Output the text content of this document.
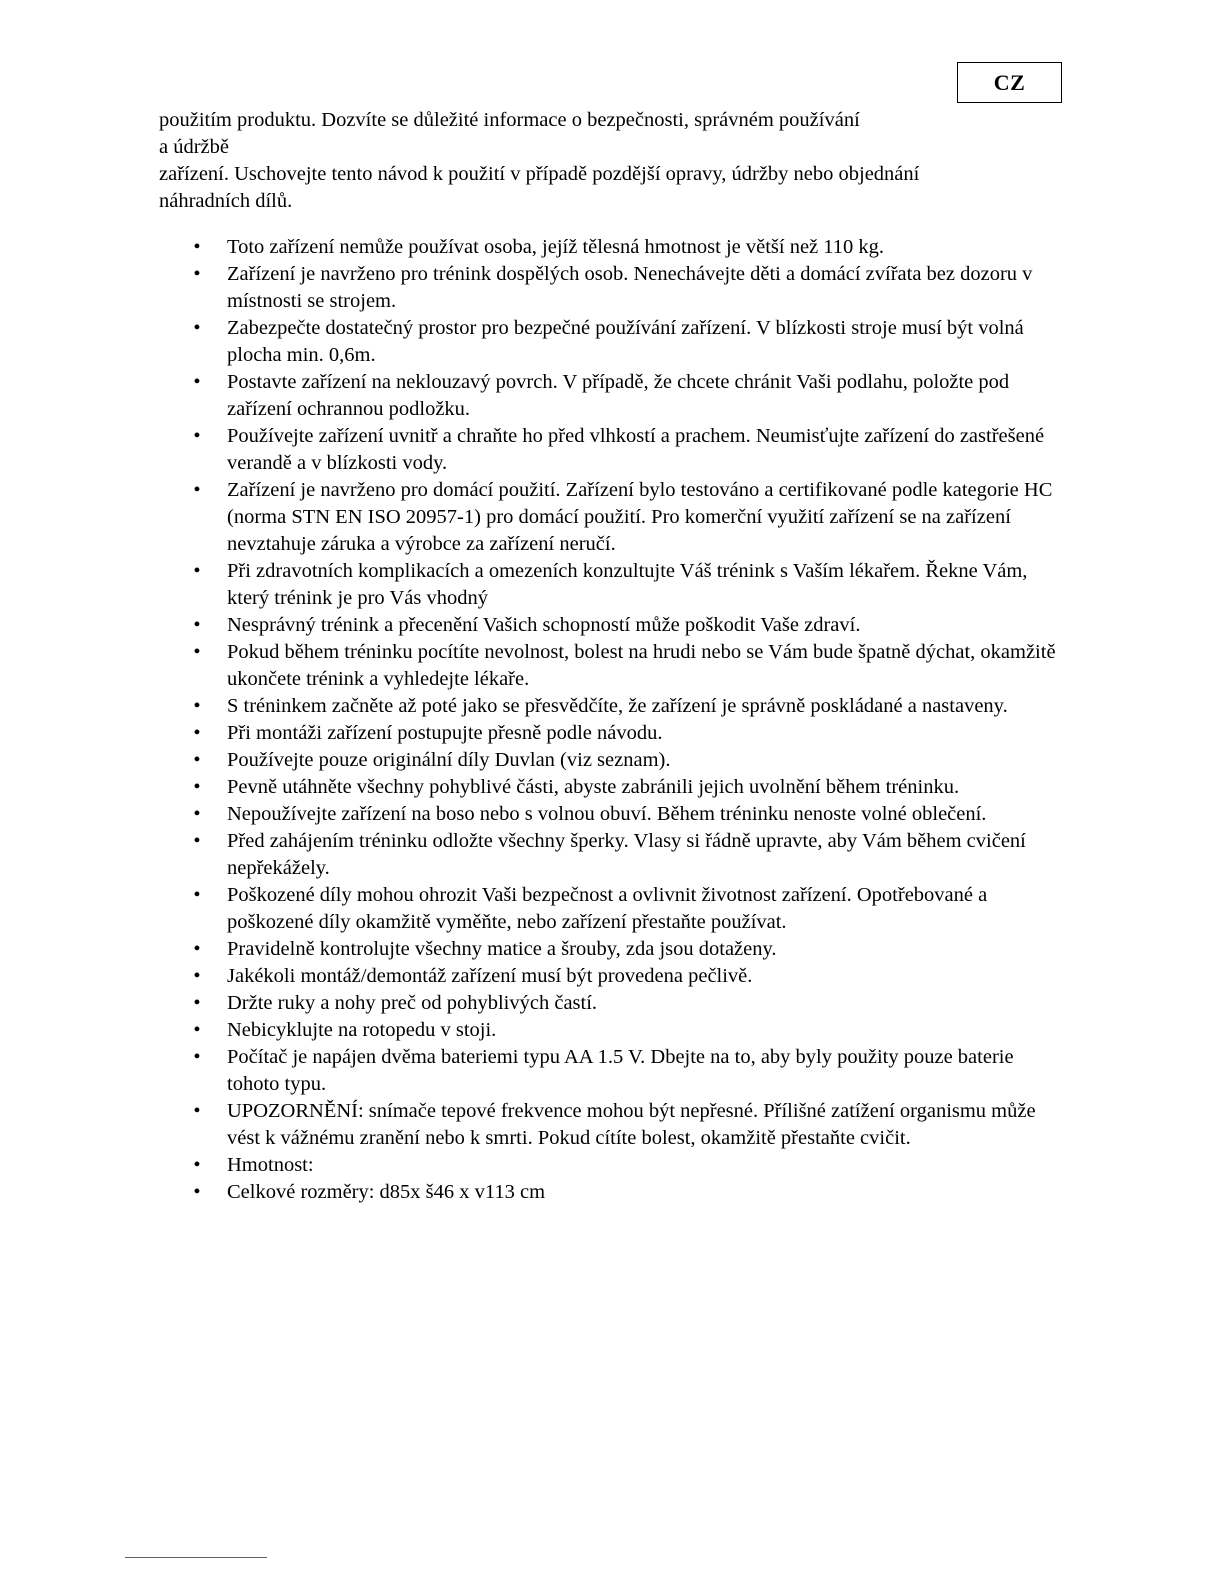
CZ

použitím produktu. Dozvíte se důležité informace o bezpečnosti, správném používání

a údržbě

zařízení. Uschovejte tento návod k použití v případě pozdější opravy, údržby nebo objednání

náhradních dílů.

• Toto zařízení nemůže používat osoba, jejíž tělesná hmotnost je větší než 110 kg.
• Zařízení je navrženo pro trénink dospělých osob. Nenechávejte děti a domácí zvířata bez dozoru v místnosti se strojem.
• Zabezpečte dostatečný prostor pro bezpečné používání zařízení. V blízkosti stroje musí být volná plocha min. 0,6m.
• Postavte zařízení na neklouzavý povrch. V případě, že chcete chránit Vaši podlahu, položte pod zařízení ochrannou podložku.
• Používejte zařízení uvnitř a chraňte ho před vlhkostí a prachem. Neumisťujte zařízení do zastřešené verandě a v blízkosti vody.
• Zařízení je navrženo pro domácí použití. Zařízení bylo testováno a certifikované podle kategorie HC (norma STN EN ISO 20957-1) pro domácí použití. Pro komerční využití zařízení se na zařízení nevztahuje záruka a výrobce za zařízení neručí.
• Při zdravotních komplikacích a omezeních konzultujte Váš trénink s Vaším lékařem. Řekne Vám, který trénink je pro Vás vhodný
• Nesprávný trénink a přecenění Vašich schopností může poškodit Vaše zdraví.
• Pokud během tréninku pocítíte nevolnost, bolest na hrudi nebo se Vám bude špatně dýchat, okamžitě ukončete trénink a vyhledejte lékaře.
• S tréninkem začněte až poté jako se přesvědčíte, že zařízení je správně poskládané a nastaveny.
• Při montáži zařízení postupujte přesně podle návodu.
• Používejte pouze originální díly Duvlan (viz seznam).
• Pevně utáhněte všechny pohyblivé části, abyste zabránili jejich uvolnění během tréninku.
• Nepoužívejte zařízení na boso nebo s volnou obuví. Během tréninku nenoste volné oblečení.
• Před zahájením tréninku odložte všechny šperky. Vlasy si řádně upravte, aby Vám během cvičení nepřekážely.
• Poškozené díly mohou ohrozit Vaši bezpečnost a ovlivnit životnost zařízení. Opotřebované a poškozené díly okamžitě vyměňte, nebo zařízení přestaňte používat.
• Pravidelně kontrolujte všechny matice a šrouby, zda jsou dotaženy.
• Jakékoli montáž/demontáž zařízení musí být provedena pečlivě.
• Držte ruky a nohy preč od pohyblivých častí.
• Nebicyklujte na rotopedu v stoji.
• Počítač je napájen dvěma bateriemi typu AA 1.5 V. Dbejte na to, aby byly použity pouze baterie tohoto typu.
• UPOZORNĚNÍ: snímače tepové frekvence mohou být nepřesné. Přílišné zatížení organismu může vést k vážnému zranění nebo k smrti. Pokud cítíte bolest, okamžitě přestaňte cvičit.
• Hmotnost:
• Celkové rozměry: d85x š46 x v113 cm
